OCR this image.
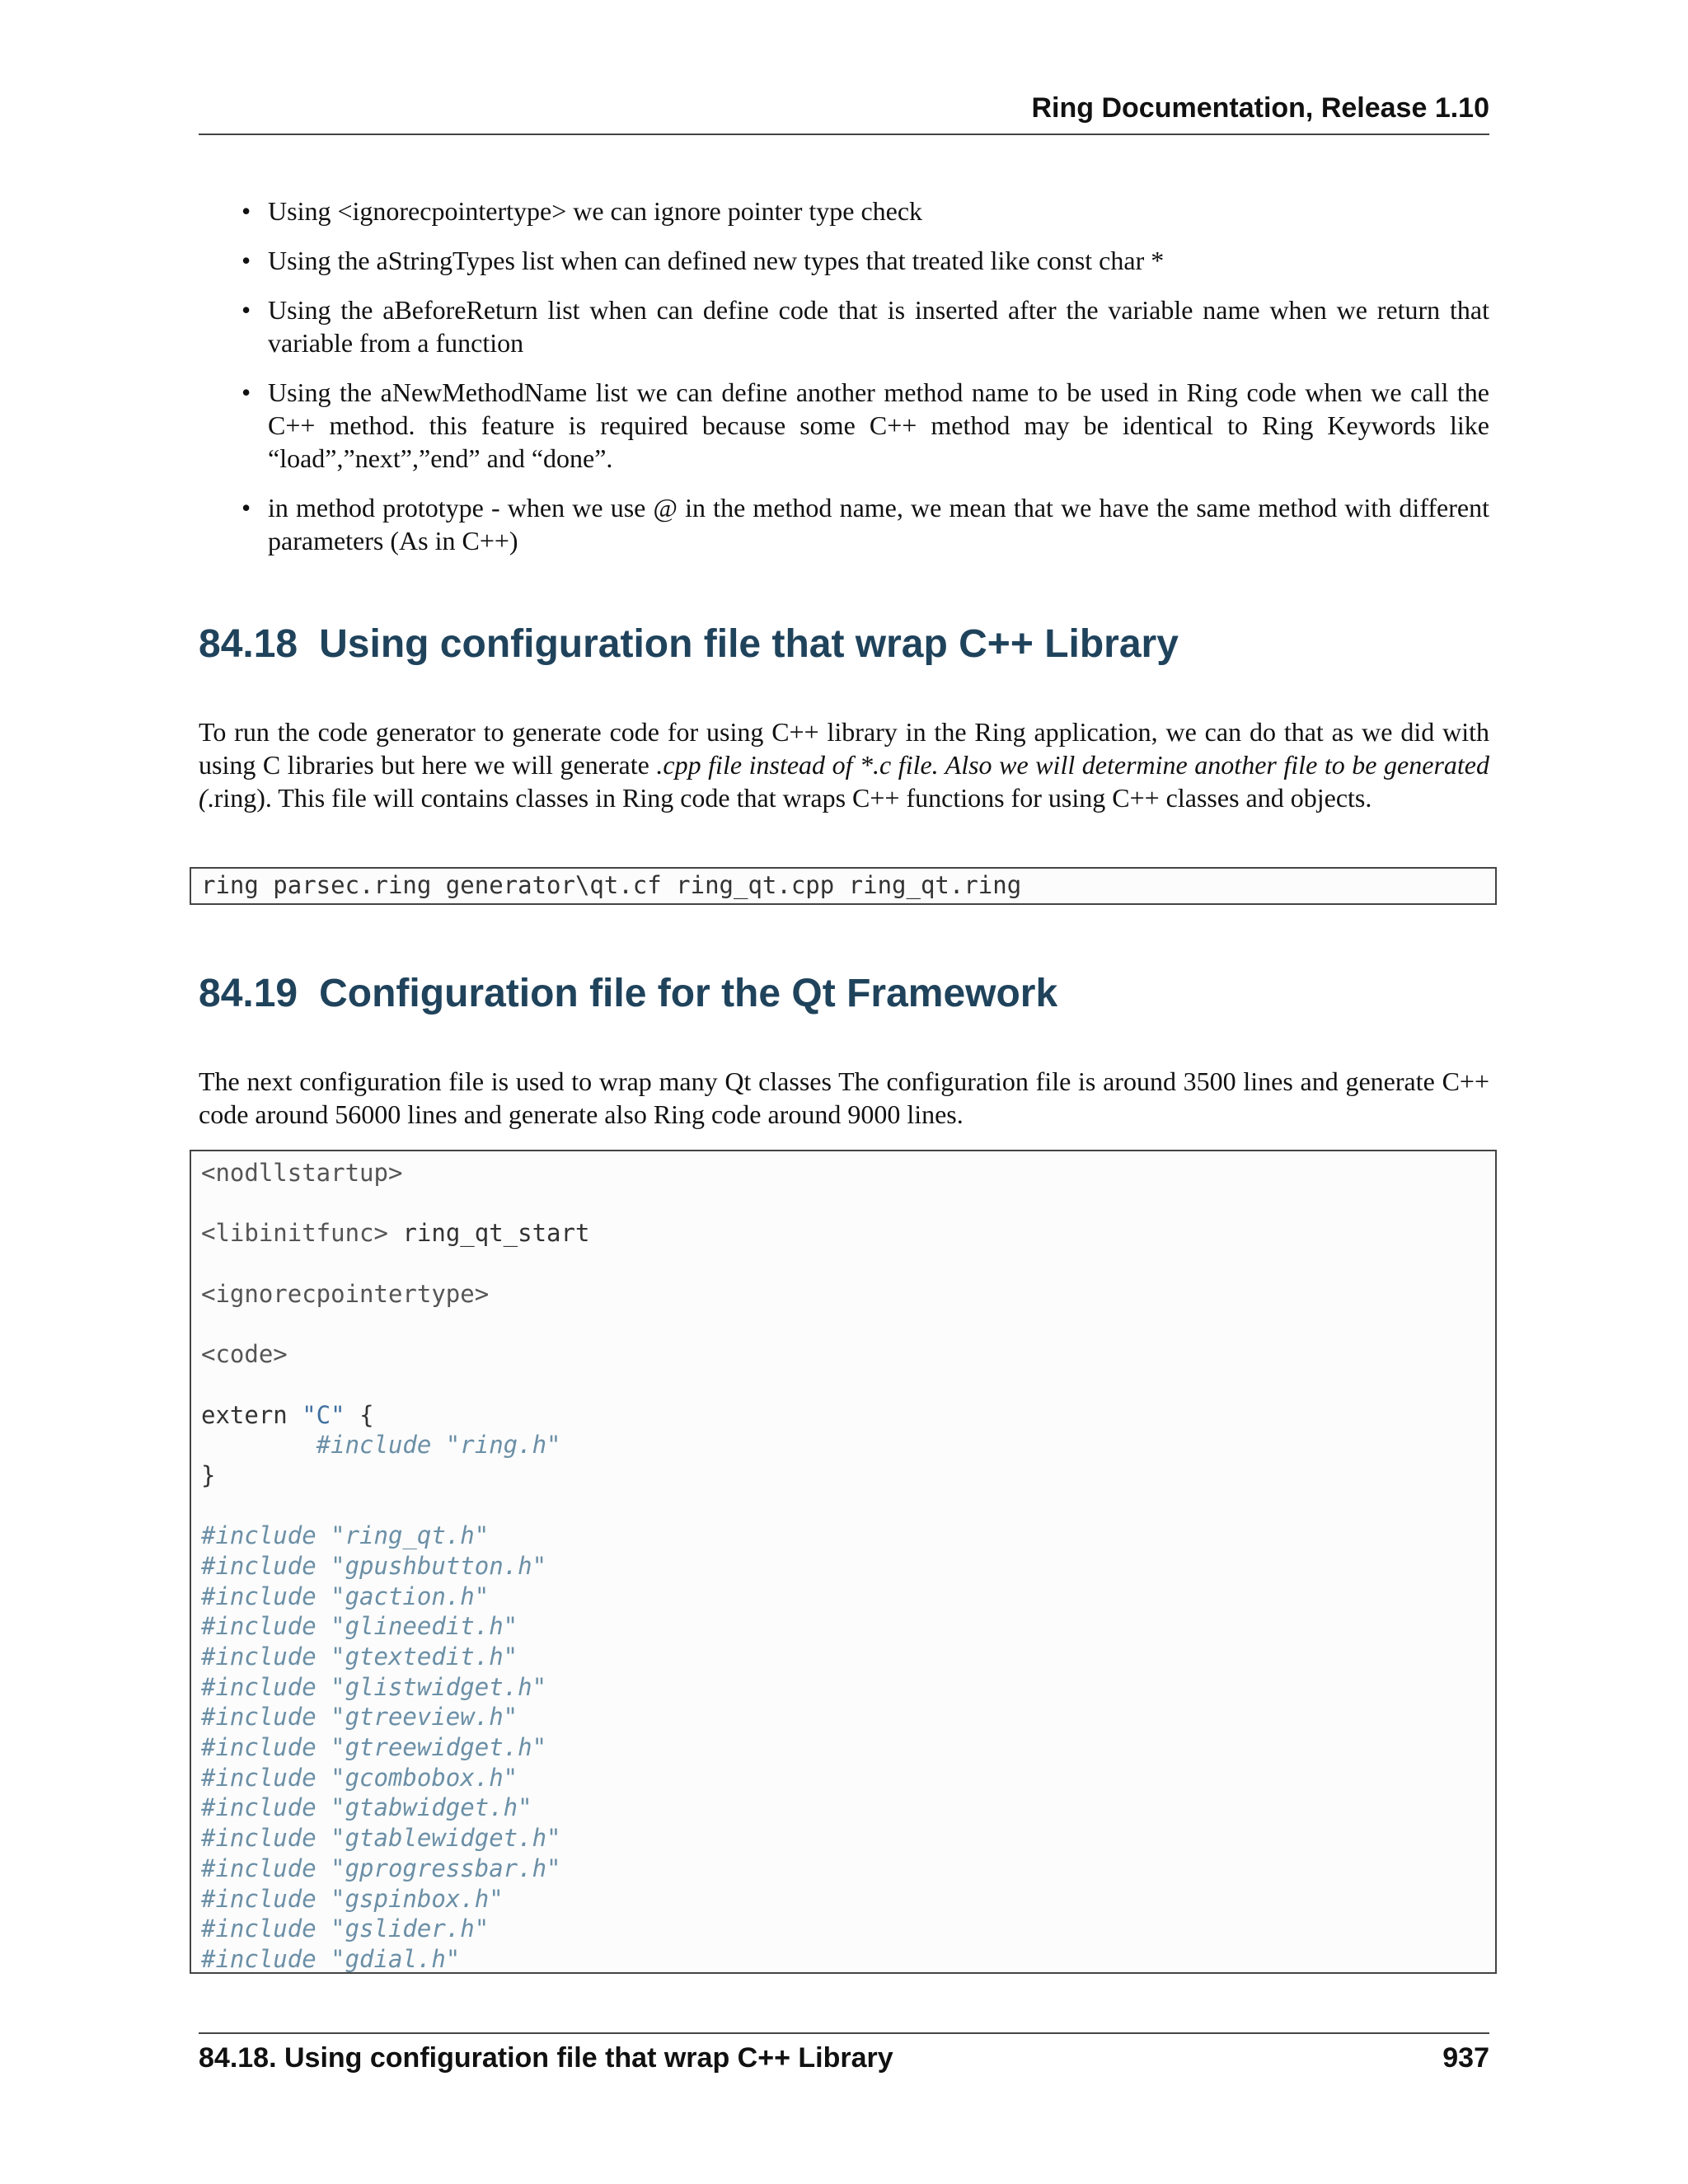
Ring Documentation, Release 1.10
• Using <ignorecpointertype> we can ignore pointer type check
• Using the aStringTypes list when can defined new types that treated like const char *
• Using the aBeforeReturn list when can define code that is inserted after the variable name when we return that variable from a function
• Using the aNewMethodName list we can define another method name to be used in Ring code when we call the C++ method. this feature is required because some C++ method may be identical to Ring Keywords like “load”,”next”,”end” and “done”.
• in method prototype - when we use @ in the method name, we mean that we have the same method with different parameters (As in C++)
84.18 Using configuration file that wrap C++ Library

To run the code generator to generate code for using C++ library in the Ring application, we can do that as we did with using C libraries but here we will generate .cpp file instead of *.c file. Also we will determine another file to be generated (.ring). This file will contains classes in Ring code that wraps C++ functions for using C++ classes and objects.

ring parsec.ring generator\qt.cf ring_qt.cpp ring_qt.ring
84.19 Configuration file for the Qt Framework

The next configuration file is used to wrap many Qt classes The configuration file is around 3500 lines and generate C++ code around 56000 lines and generate also Ring code around 9000 lines.

<nodllstartup>
<libinitfunc> ring_qt_start
<ignorecpointertype>
<code>
extern "C" {
#include "ring.h"
}
#include "ring_qt.h"
#include "gpushbutton.h"
#include "gaction.h"
#include "glineedit.h"
#include "gtextedit.h"
#include "glistwidget.h"
#include "gtreeview.h"
#include "gtreewidget.h"
#include "gcombobox.h"
#include "gtabwidget.h"
#include "gtablewidget.h"
#include "gprogressbar.h"
#include "gspinbox.h"
#include "gslider.h"
#include "gdial.h"
84.18. Using configuration file that wrap C++ Library	937
